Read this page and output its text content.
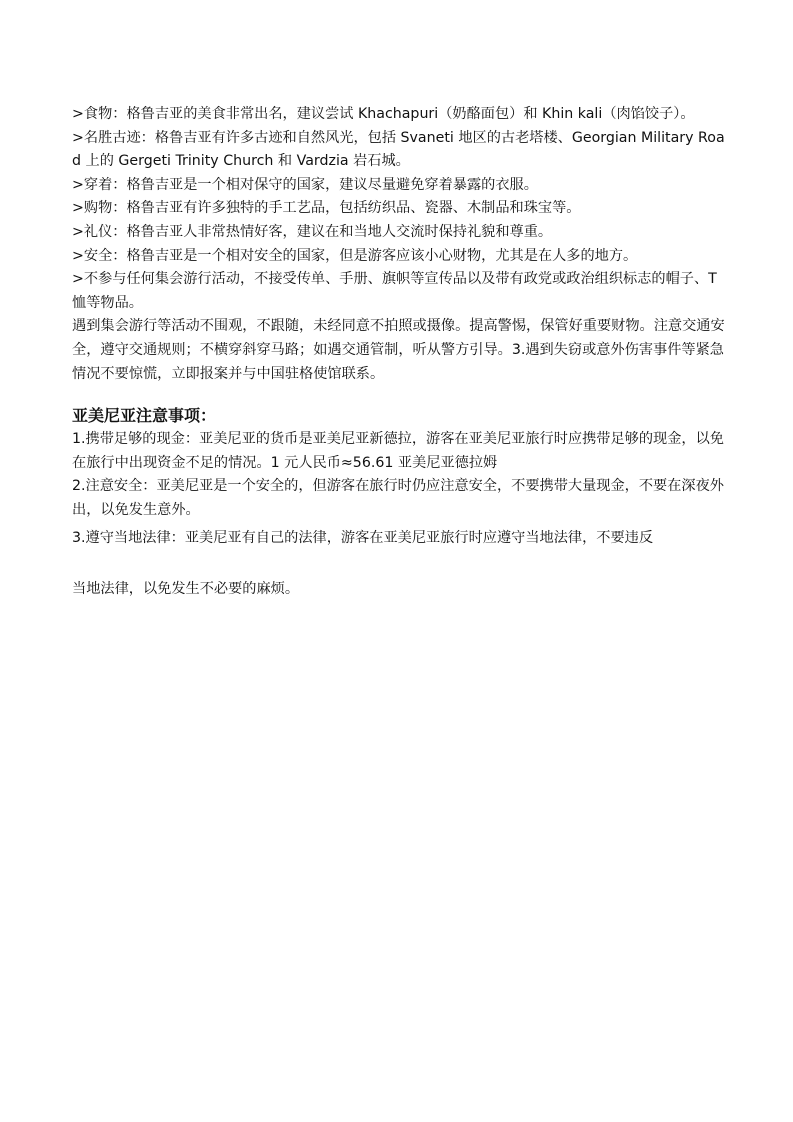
>食物：格鲁吉亚的美食非常出名，建议尝试 Khachapuri（奶酪面包）和 Khin kali（肉馅饺子）。

>名胜古迹：格鲁吉亚有许多古迹和自然风光，包括 Svaneti 地区的古老塔楼、Georgian Military Road 上的 Gergeti Trinity Church 和 Vardzia 岩石城。

>穿着：格鲁吉亚是一个相对保守的国家，建议尽量避免穿着暴露的衣服。

>购物：格鲁吉亚有许多独特的手工艺品，包括纺织品、瓷器、木制品和珠宝等。

>礼仪：格鲁吉亚人非常热情好客，建议在和当地人交流时保持礼貌和尊重。

>安全：格鲁吉亚是一个相对安全的国家，但是游客应该小心财物，尤其是在人多的地方。

>不参与任何集会游行活动，不接受传单、手册、旗帜等宣传品以及带有政党或政治组织标志的帽子、T 恤等物品。

遇到集会游行等活动不围观，不跟随，未经同意不拍照或摄像。提高警惕，保管好重要财物。注意交通安全，遵守交通规则；不横穿斜穿马路；如遇交通管制，听从警方引导。3.遇到失窃或意外伤害事件等紧急情况不要惊慌，立即报案并与中国驻格使馆联系。

亚美尼亚注意事项：

1.携带足够的现金：亚美尼亚的货币是亚美尼亚新德拉，游客在亚美尼亚旅行时应携带足够的现金，以免在旅行中出现资金不足的情况。1 元人民币≈56.61 亚美尼亚德拉姆

2.注意安全：亚美尼亚是一个安全的，但游客在旅行时仍应注意安全，不要携带大量现金，不要在深夜外出，以免发生意外。

3.遵守当地法律：亚美尼亚有自己的法律，游客在亚美尼亚旅行时应遵守当地法律，不要违反

当地法律，以免发生不必要的麻烦。
